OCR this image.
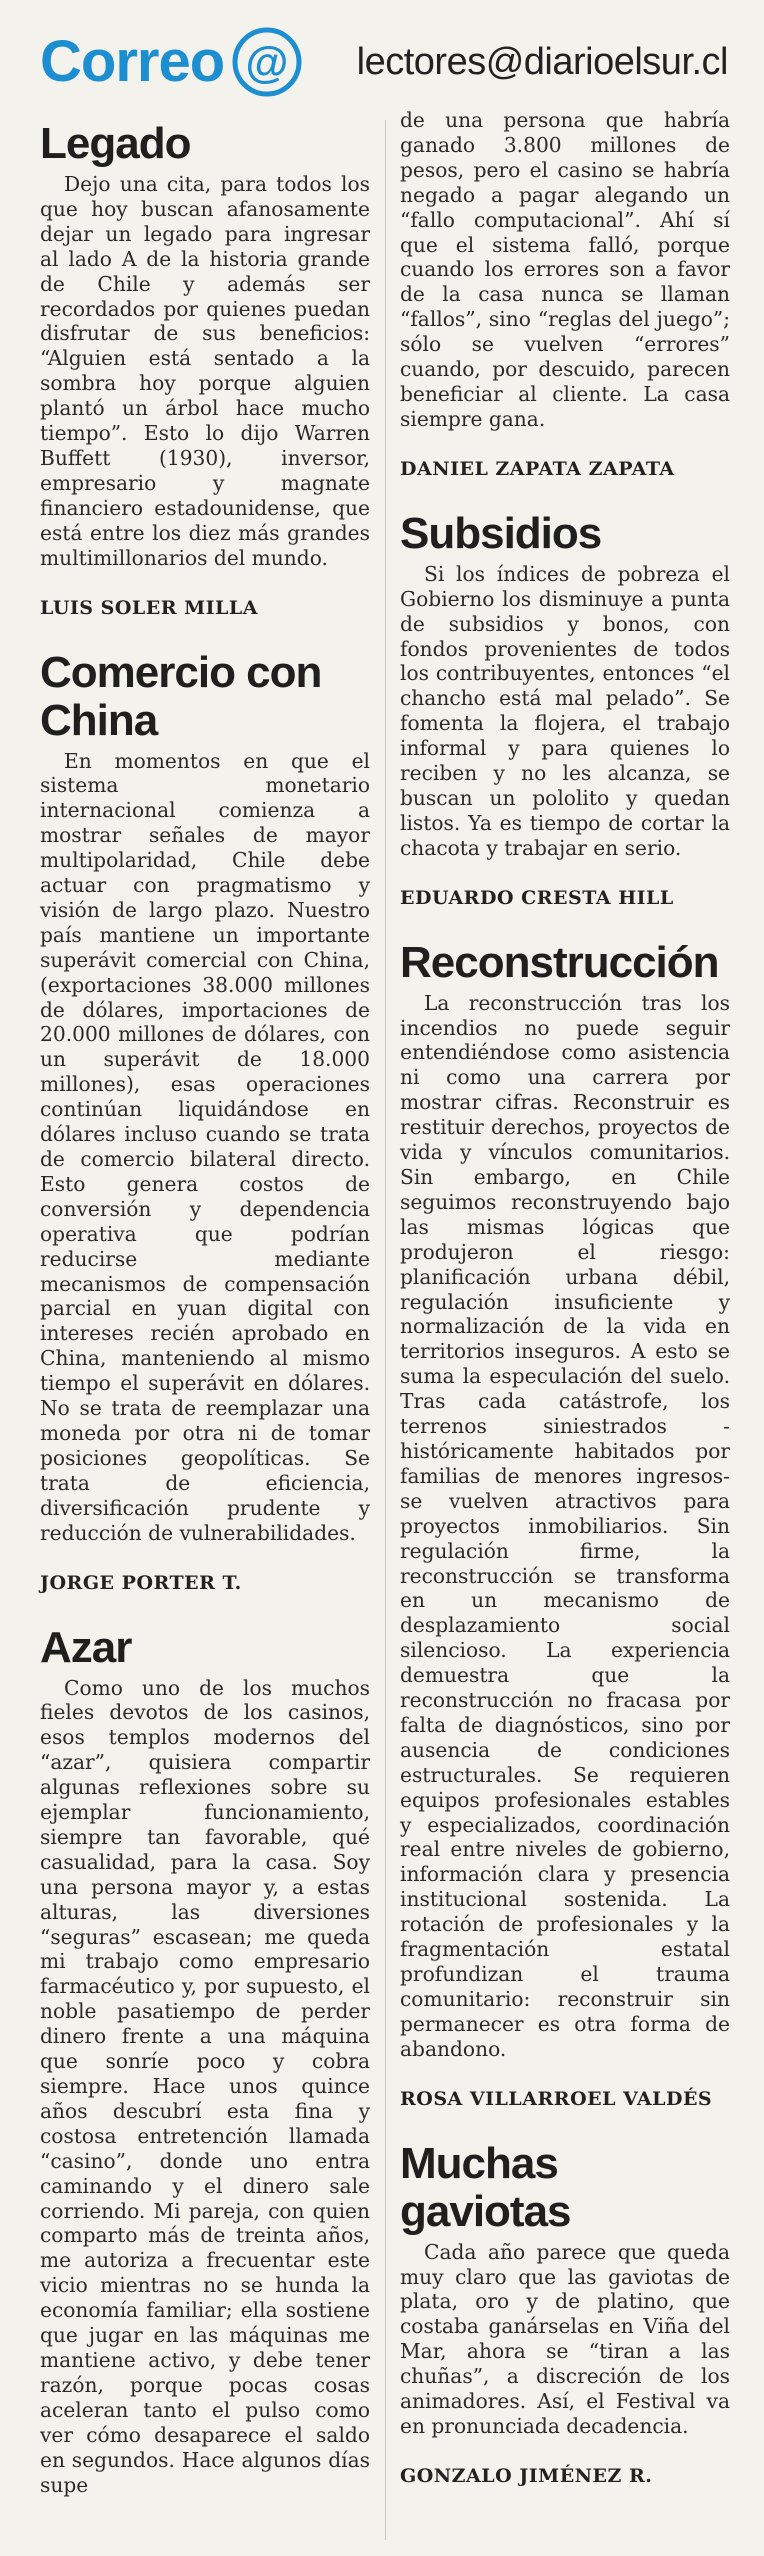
Correo @ lectores@diarioelsur.cl
Legado

Dejo una cita, para todos los que hoy buscan afanosamente dejar un legado para ingresar al lado A de la historia grande de Chile y además ser recordados por quienes puedan disfrutar de sus beneficios: “Alguien está sentado a la sombra hoy porque alguien plantó un árbol hace mucho tiempo”. Esto lo dijo Warren Buffett (1930), inversor, empresario y magnate financiero estadounidense, que está entre los diez más grandes multimillonarios del mundo.

LUIS SOLER MILLA
Comercio con China

En momentos en que el sistema monetario internacional comienza a mostrar señales de mayor multipolaridad, Chile debe actuar con pragmatismo y visión de largo plazo. Nuestro país mantiene un importante superávit comercial con China, (exportaciones 38.000 millones de dólares, importaciones de 20.000 millones de dólares, con un superávit de 18.000 millones), esas operaciones continúan liquidándose en dólares incluso cuando se trata de comercio bilateral directo. Esto genera costos de conversión y dependencia operativa que podrían reducirse mediante mecanismos de compensación parcial en yuan digital con intereses recién aprobado en China, manteniendo al mismo tiempo el superávit en dólares. No se trata de reemplazar una moneda por otra ni de tomar posiciones geopolíticas. Se trata de eficiencia, diversificación prudente y reducción de vulnerabilidades.

JORGE PORTER T.
Azar

Como uno de los muchos fieles devotos de los casinos, esos templos modernos del “azar”, quisiera compartir algunas reflexiones sobre su ejemplar funcionamiento, siempre tan favorable, qué casualidad, para la casa. Soy una persona mayor y, a estas alturas, las diversiones “seguras” escasean; me queda mi trabajo como empresario farmacéutico y, por supuesto, el noble pasatiempo de perder dinero frente a una máquina que sonríe poco y cobra siempre. Hace unos quince años descubrí esta fina y costosa entretención llamada “casino”, donde uno entra caminando y el dinero sale corriendo. Mi pareja, con quien comparto más de treinta años, me autoriza a frecuentar este vicio mientras no se hunda la economía familiar; ella sostiene que jugar en las máquinas me mantiene activo, y debe tener razón, porque pocas cosas aceleran tanto el pulso como ver cómo desaparece el saldo en segundos. Hace algunos días supe

de una persona que habría ganado 3.800 millones de pesos, pero el casino se habría negado a pagar alegando un “fallo computacional”. Ahí sí que el sistema falló, porque cuando los errores son a favor de la casa nunca se llaman “fallos”, sino “reglas del juego”; sólo se vuelven “errores” cuando, por descuido, parecen beneficiar al cliente. La casa siempre gana.

DANIEL ZAPATA ZAPATA
Subsidios

Si los índices de pobreza el Gobierno los disminuye a punta de subsidios y bonos, con fondos provenientes de todos los contribuyentes, entonces “el chancho está mal pelado”. Se fomenta la flojera, el trabajo informal y para quienes lo reciben y no les alcanza, se buscan un pololito y quedan listos. Ya es tiempo de cortar la chacota y trabajar en serio.

EDUARDO CRESTA HILL
Reconstrucción

La reconstrucción tras los incendios no puede seguir entendiéndose como asistencia ni como una carrera por mostrar cifras. Reconstruir es restituir derechos, proyectos de vida y vínculos comunitarios. Sin embargo, en Chile seguimos reconstruyendo bajo las mismas lógicas que produjeron el riesgo: planificación urbana débil, regulación insuficiente y normalización de la vida en territorios inseguros. A esto se suma la especulación del suelo. Tras cada catástrofe, los terrenos siniestrados -históricamente habitados por familias de menores ingresos- se vuelven atractivos para proyectos inmobiliarios. Sin regulación firme, la reconstrucción se transforma en un mecanismo de desplazamiento social silencioso. La experiencia demuestra que la reconstrucción no fracasa por falta de diagnósticos, sino por ausencia de condiciones estructurales. Se requieren equipos profesionales estables y especializados, coordinación real entre niveles de gobierno, información clara y presencia institucional sostenida. La rotación de profesionales y la fragmentación estatal profundizan el trauma comunitario: reconstruir sin permanecer es otra forma de abandono.

ROSA VILLARROEL VALDÉS
Muchas gaviotas

Cada año parece que queda muy claro que las gaviotas de plata, oro y de platino, que costaba ganárselas en Viña del Mar, ahora se “tiran a las chuñas”, a discreción de los animadores. Así, el Festival va en pronunciada decadencia.

GONZALO JIMÉNEZ R.
